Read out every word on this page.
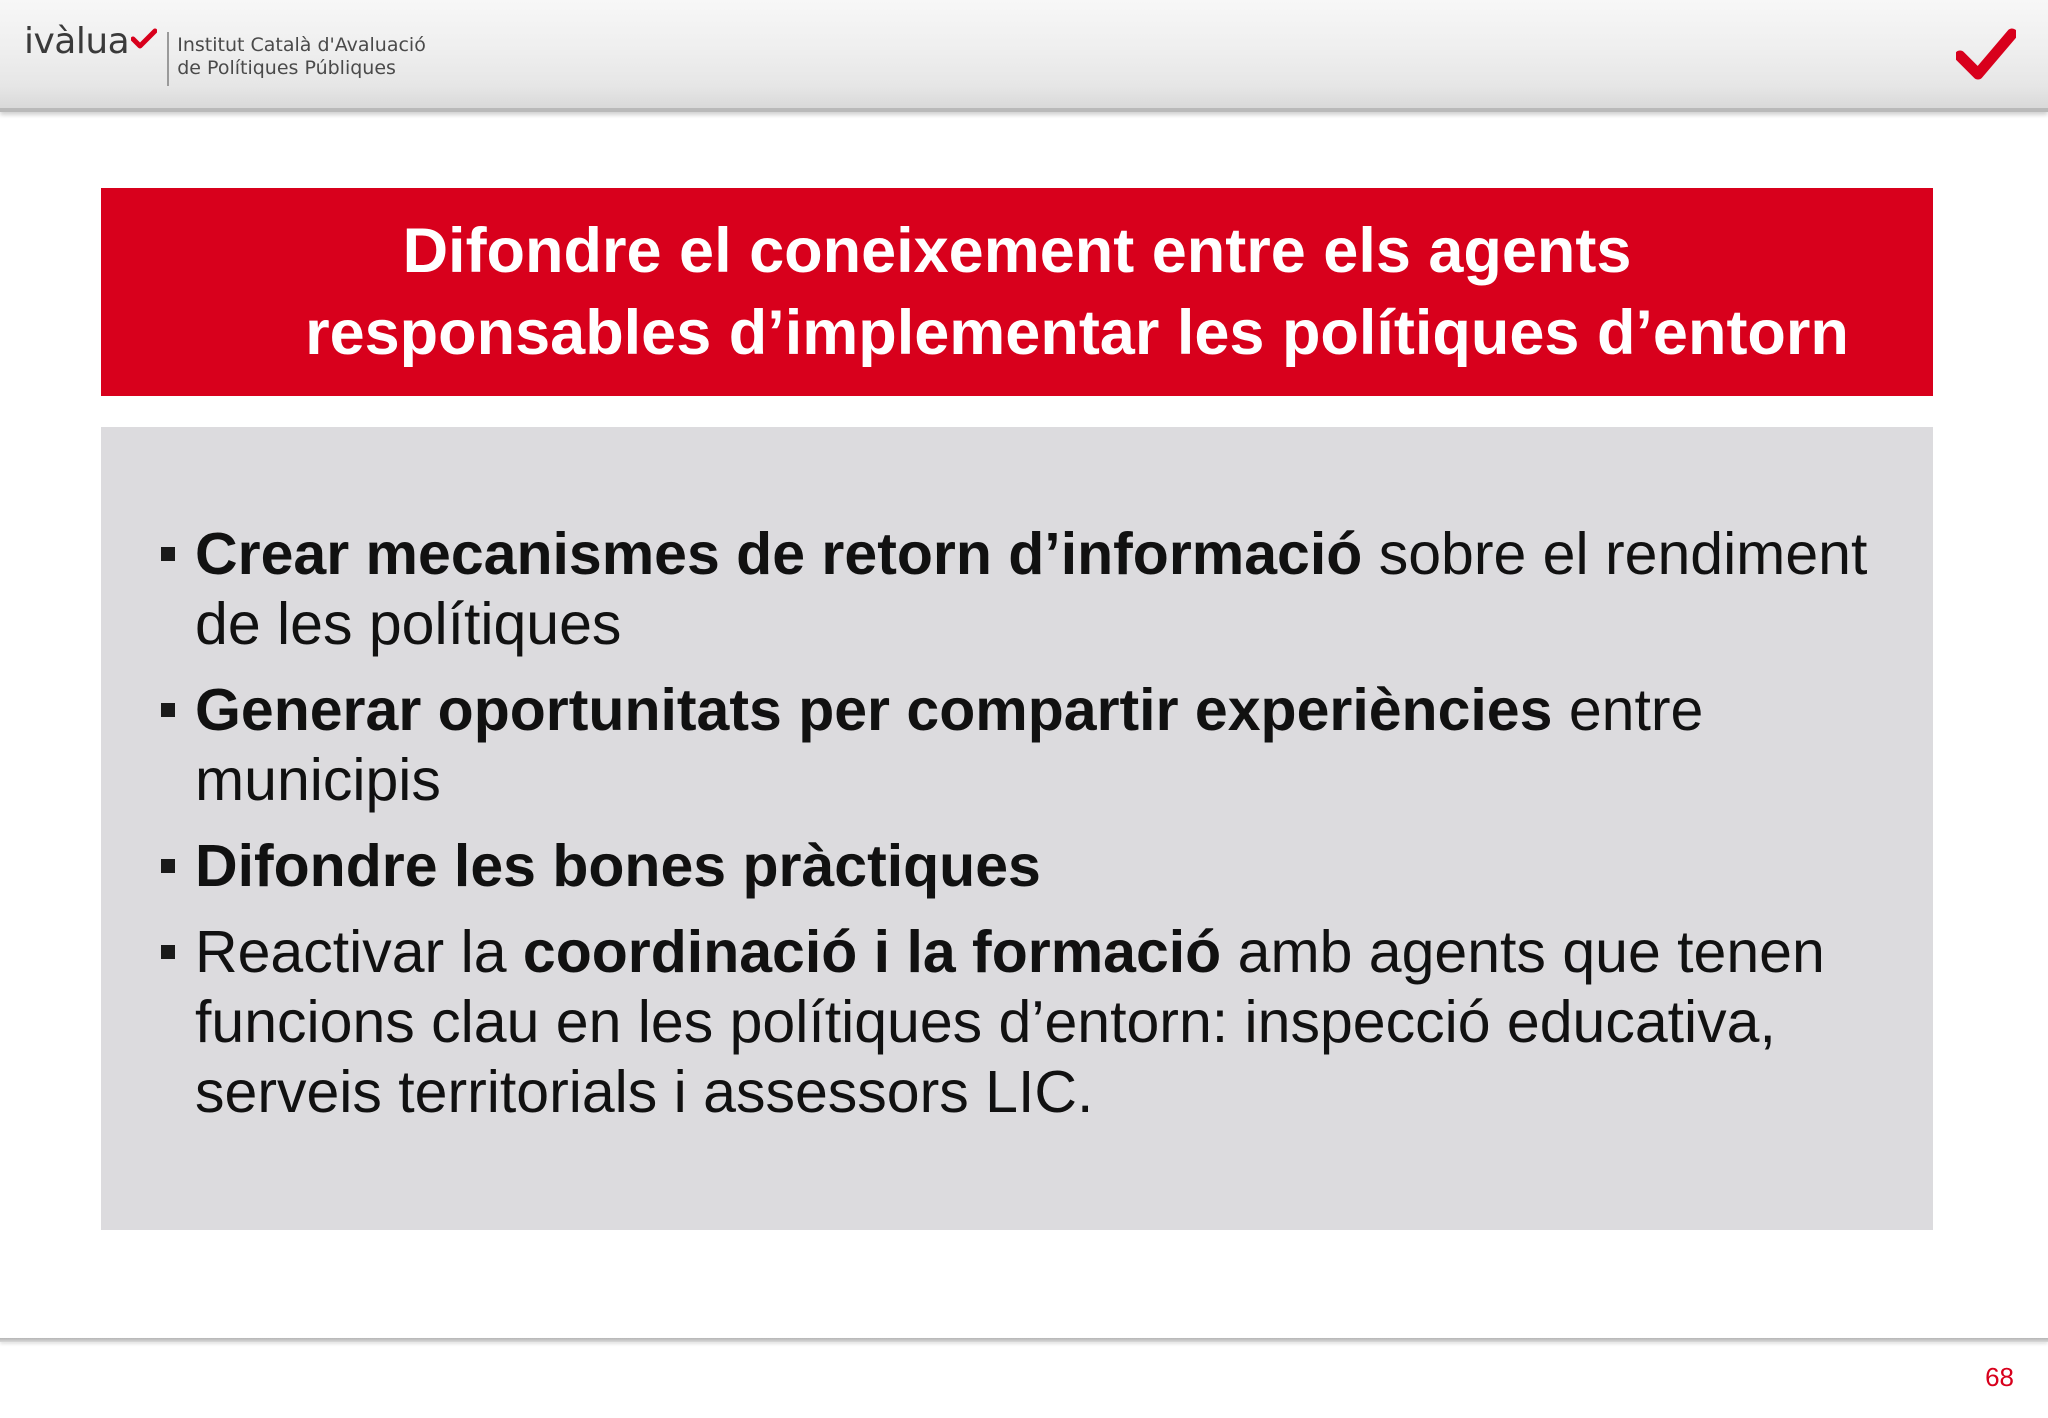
ivàlua	Institut Català d'Avaluació
de Polítiques Públiques
Difondre el coneixement entre els agents
responsables d’implementar les polítiques d’entorn
Crear mecanismes de retorn d’informació sobre el rendiment de les polítiques
Generar oportunitats per compartir experiències entre municipis
Difondre les bones pràctiques
Reactivar la coordinació i la formació amb agents que tenen funcions clau en les polítiques d’entorn: inspecció educativa, serveis territorials i assessors LIC.
68
